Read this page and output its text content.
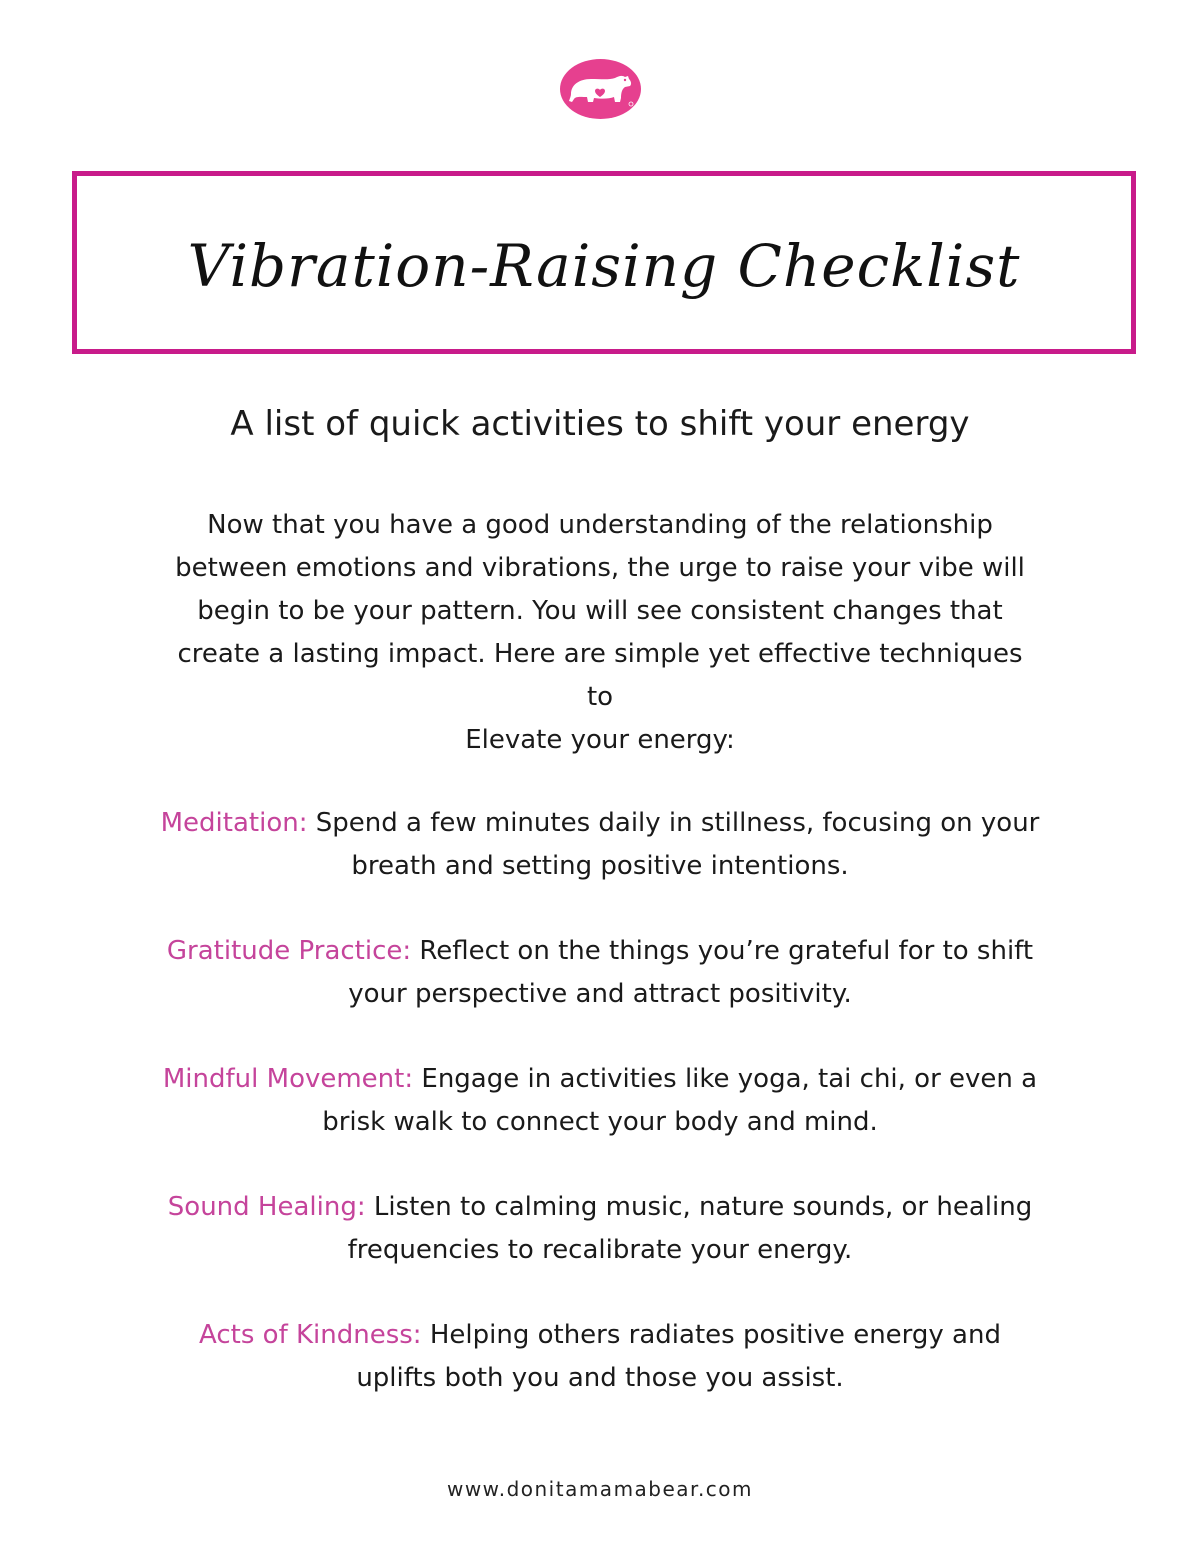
Vibration-Raising Checklist
A list of quick activities to shift your energy
Now that you have a good understanding of the relationship
between emotions and vibrations, the urge to raise your vibe will
begin to be your pattern. You will see consistent changes that
create a lasting impact. Here are simple yet effective techniques
to
Elevate your energy:
Meditation: Spend a few minutes daily in stillness, focusing on your
breath and setting positive intentions.
Gratitude Practice: Reflect on the things you’re grateful for to shift
your perspective and attract positivity.
Mindful Movement: Engage in activities like yoga, tai chi, or even a
brisk walk to connect your body and mind.
Sound Healing: Listen to calming music, nature sounds, or healing
frequencies to recalibrate your energy.
Acts of Kindness: Helping others radiates positive energy and
uplifts both you and those you assist.
www.donitamamabear.com
